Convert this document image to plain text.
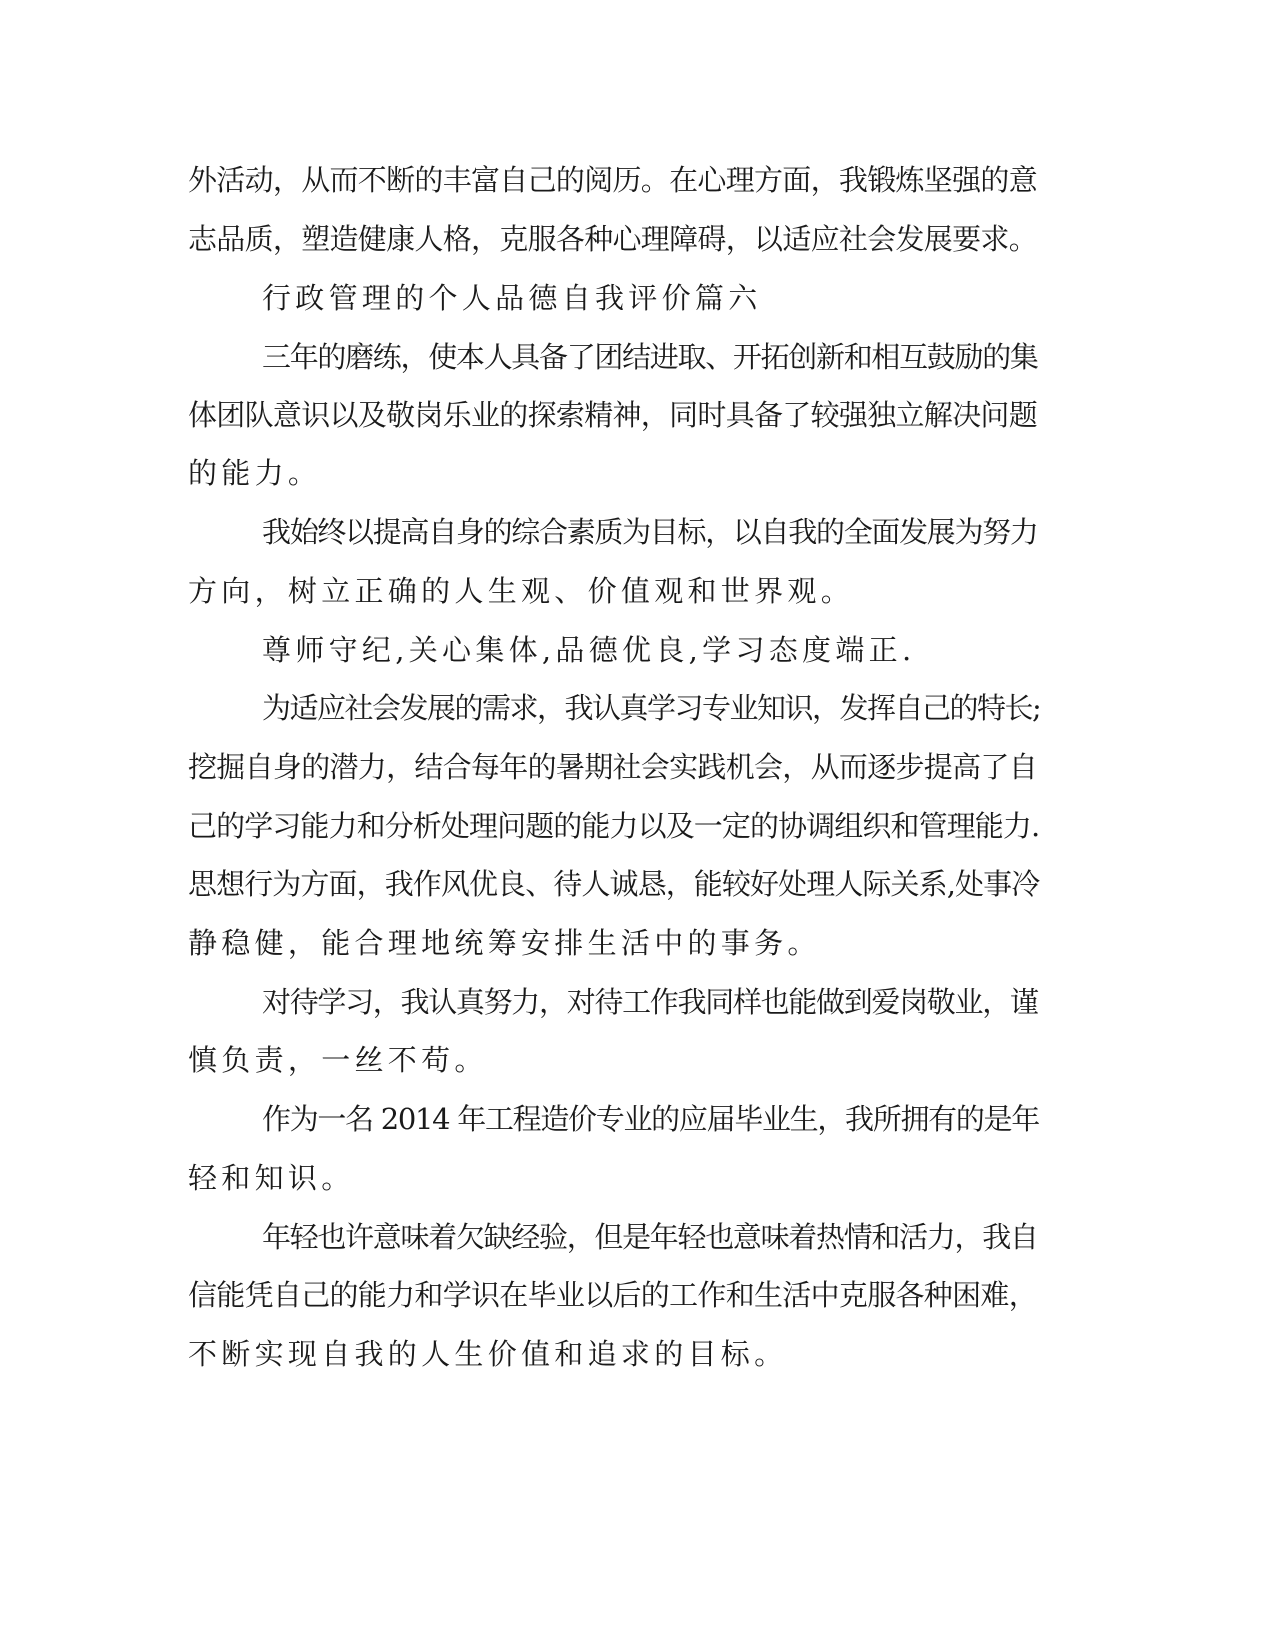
外活动，从而不断的丰富自己的阅历。在心理方面，我锻炼坚强的意
志品质，塑造健康人格，克服各种心理障碍，以适应社会发展要求。
行政管理的个人品德自我评价篇六
三年的磨练，使本人具备了团结进取、开拓创新和相互鼓励的集
体团队意识以及敬岗乐业的探索精神，同时具备了较强独立解决问题
的能力。
我始终以提高自身的综合素质为目标，以自我的全面发展为努力
方向，树立正确的人生观、价值观和世界观。
尊师守纪,关心集体,品德优良,学习态度端正.
为适应社会发展的需求，我认真学习专业知识，发挥自己的特长;
挖掘自身的潜力，结合每年的暑期社会实践机会，从而逐步提高了自
己的学习能力和分析处理问题的能力以及一定的协调组织和管理能力.
思想行为方面，我作风优良、待人诚恳，能较好处理人际关系,处事冷
静稳健，能合理地统筹安排生活中的事务。
对待学习，我认真努力，对待工作我同样也能做到爱岗敬业，谨
慎负责，一丝不苟。
作为一名 2014 年工程造价专业的应届毕业生，我所拥有的是年
轻和知识。
年轻也许意味着欠缺经验，但是年轻也意味着热情和活力，我自
信能凭自己的能力和学识在毕业以后的工作和生活中克服各种困难，
不断实现自我的人生价值和追求的目标。
